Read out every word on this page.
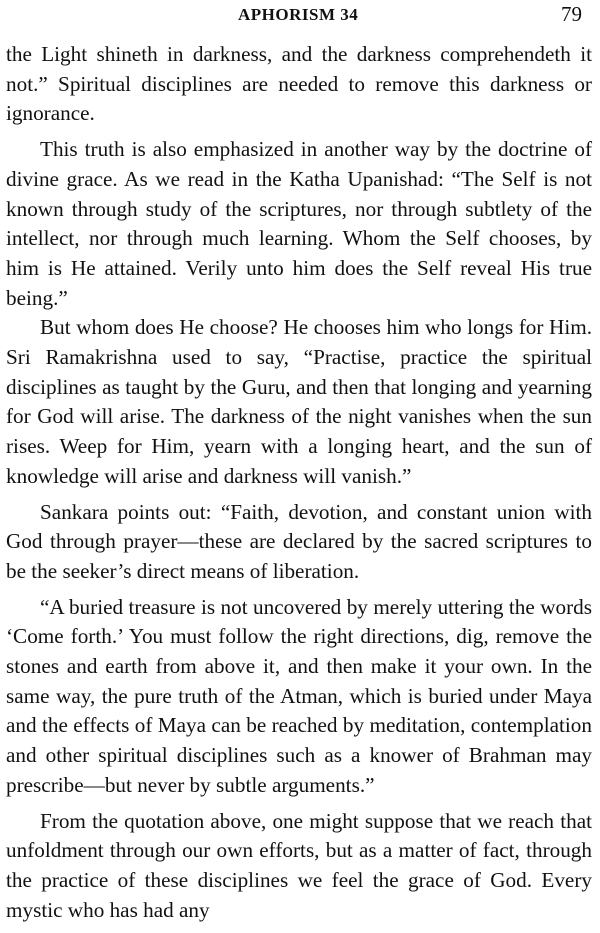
APHORISM 34	79

the Light shineth in darkness, and the darkness comprehendeth it not.” Spiritual disciplines are needed to remove this darkness or ignorance.

This truth is also emphasized in another way by the doctrine of divine grace. As we read in the Katha Upanishad: “The Self is not known through study of the scriptures, nor through subtlety of the intellect, nor through much learning. Whom the Self chooses, by him is He attained. Verily unto him does the Self reveal His true being.”

But whom does He choose? He chooses him who longs for Him. Sri Ramakrishna used to say, “Practise, practice the spiritual disciplines as taught by the Guru, and then that longing and yearning for God will arise. The darkness of the night vanishes when the sun rises. Weep for Him, yearn with a longing heart, and the sun of knowledge will arise and darkness will vanish.”

Sankara points out: “Faith, devotion, and constant union with God through prayer—these are declared by the sacred scriptures to be the seeker’s direct means of liberation.

“A buried treasure is not uncovered by merely uttering the words ‘Come forth.’ You must follow the right directions, dig, remove the stones and earth from above it, and then make it your own. In the same way, the pure truth of the Atman, which is buried under Maya and the effects of Maya can be reached by meditation, contemplation and other spiritual disciplines such as a knower of Brahman may prescribe—but never by subtle arguments.”

From the quotation above, one might suppose that we reach that unfoldment through our own efforts, but as a matter of fact, through the practice of these disciplines we feel the grace of God. Every mystic who has had any
